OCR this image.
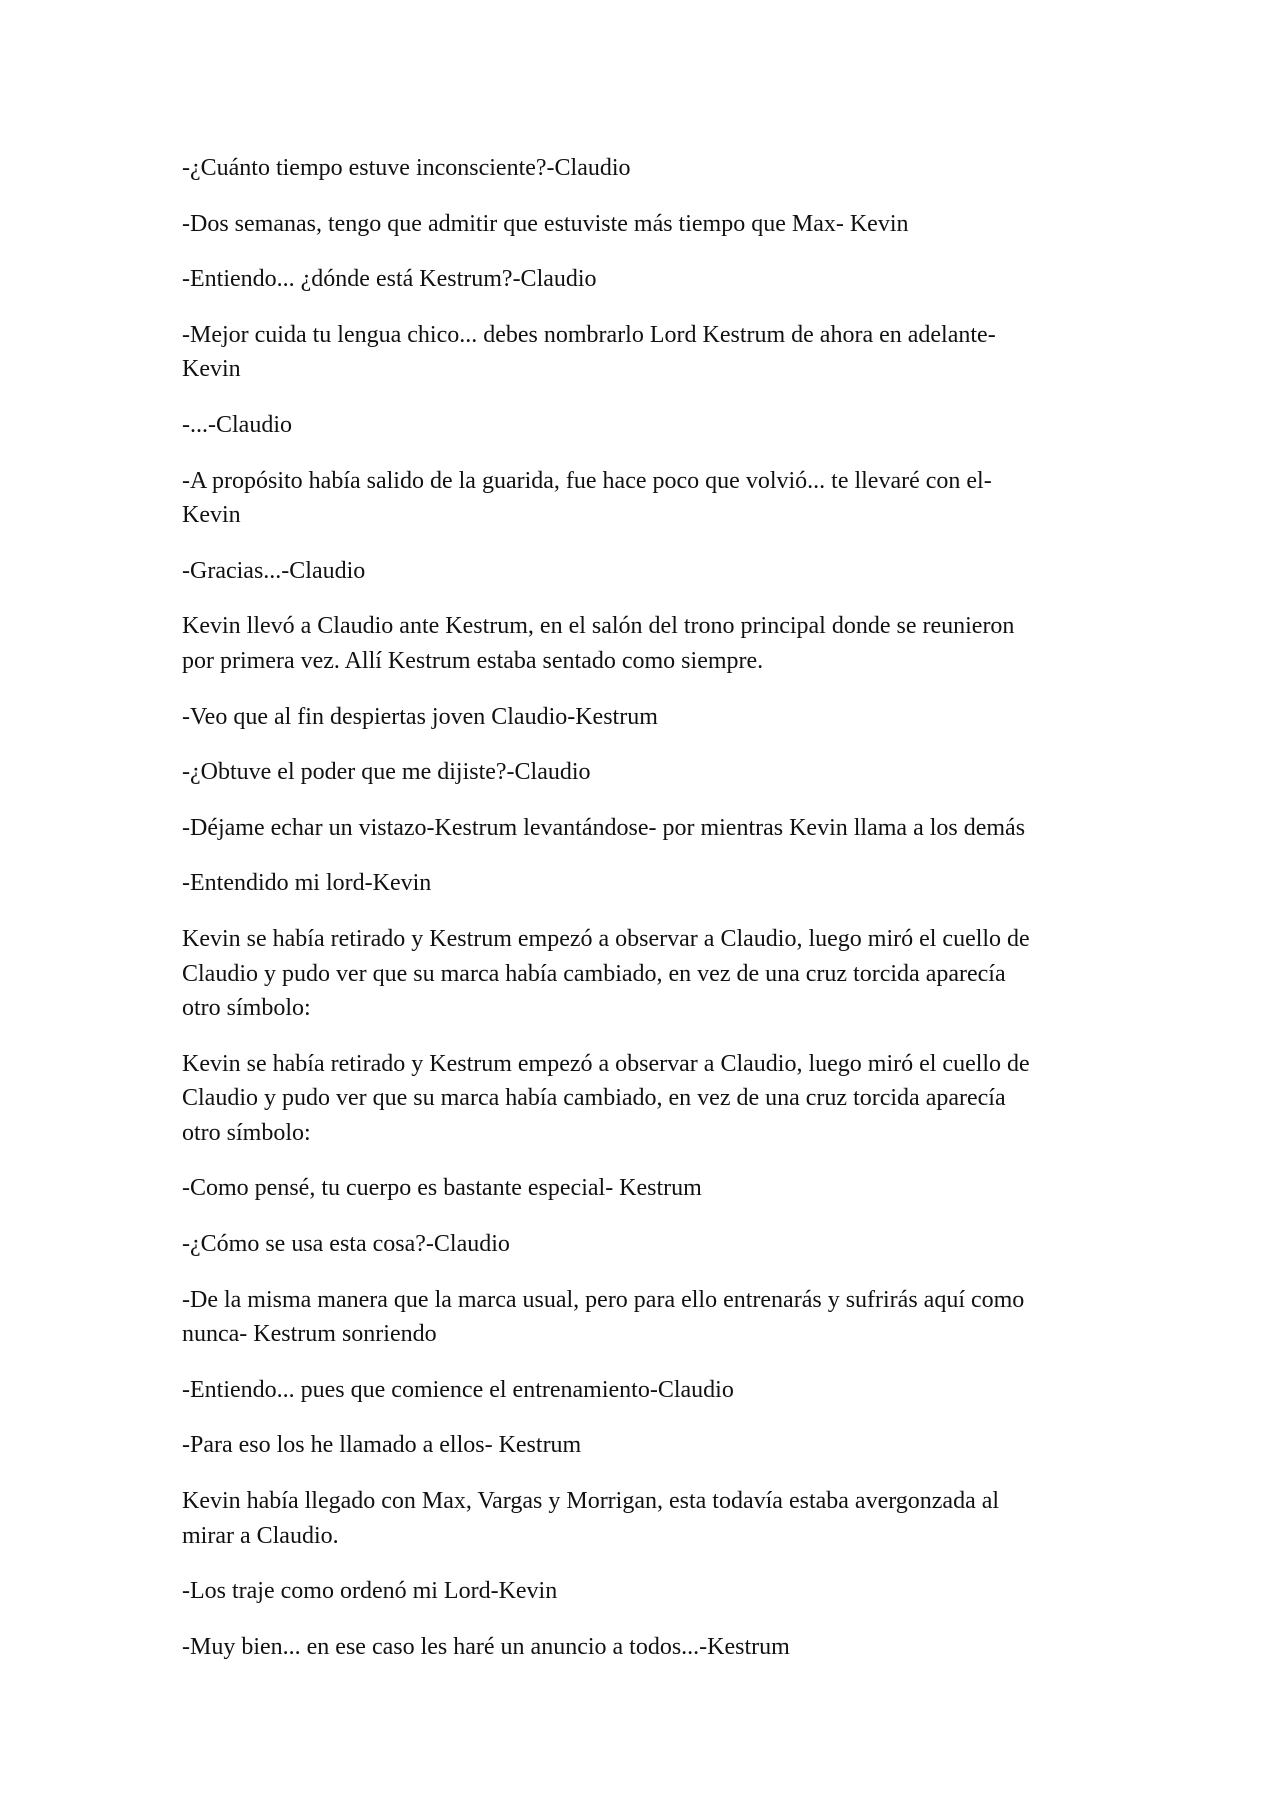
-¿Cuánto tiempo estuve inconsciente?-Claudio

-Dos semanas, tengo que admitir que estuviste más tiempo que Max- Kevin

-Entiendo... ¿dónde está Kestrum?-Claudio

-Mejor cuida tu lengua chico... debes nombrarlo Lord Kestrum de ahora en adelante-
Kevin

-...-Claudio

-A propósito había salido de la guarida, fue hace poco que volvió... te llevaré con el-
Kevin

-Gracias...-Claudio

Kevin llevó a Claudio ante Kestrum, en el salón del trono principal donde se reunieron
por primera vez. Allí Kestrum estaba sentado como siempre.

-Veo que al fin despiertas joven Claudio-Kestrum

-¿Obtuve el poder que me dijiste?-Claudio

-Déjame echar un vistazo-Kestrum levantándose- por mientras Kevin llama a los demás

-Entendido mi lord-Kevin

Kevin se había retirado y Kestrum empezó a observar a Claudio, luego miró el cuello de
Claudio y pudo ver que su marca había cambiado, en vez de una cruz torcida aparecía
otro símbolo:

Kevin se había retirado y Kestrum empezó a observar a Claudio, luego miró el cuello de
Claudio y pudo ver que su marca había cambiado, en vez de una cruz torcida aparecía
otro símbolo:

-Como pensé, tu cuerpo es bastante especial- Kestrum

-¿Cómo se usa esta cosa?-Claudio

-De la misma manera que la marca usual, pero para ello entrenarás y sufrirás aquí como
nunca- Kestrum sonriendo

-Entiendo... pues que comience el entrenamiento-Claudio

-Para eso los he llamado a ellos- Kestrum

Kevin había llegado con Max, Vargas y Morrigan, esta todavía estaba avergonzada al
mirar a Claudio.

-Los traje como ordenó mi Lord-Kevin

-Muy bien... en ese caso les haré un anuncio a todos...-Kestrum
